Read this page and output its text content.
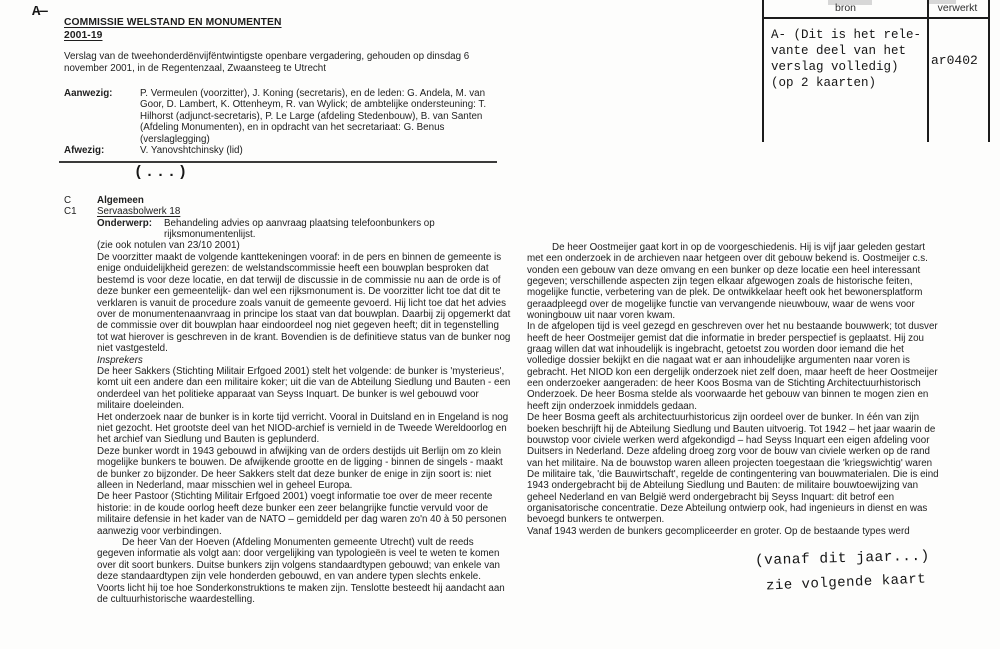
A—	bron	verwerkt
A- (Dit is het rele-
vante deel van het
verslag volledig)
(op 2 kaarten)
ar0402
COMMISSIE WELSTAND EN MONUMENTEN
2001-19

Verslag van de tweehonderdënvijfëntwintigste openbare vergadering, gehouden op dinsdag 6 november 2001, in de Regentenzaal, Zwaansteeg te Utrecht

Aanwezig:	P. Vermeulen (voorzitter), J. Koning (secretaris), en de leden: G. Andela, M. van Goor, D. Lambert, K. Ottenheym, R. van Wylick; de ambtelijke ondersteuning: T. Hilhorst (adjunct-secretaris), P. Le Large (afdeling Stedenbouw), B. van Santen (Afdeling Monumenten), en in opdracht van het secretariaat: G. Benus (verslaglegging)
Afwezig:	V. Yanovshtchinsky (lid)
(...)
C	Algemeen
C1	Servaasbolwerk 18
Onderwerp:	Behandeling advies op aanvraag plaatsing telefoonbunkers op rijksmonumentenlijst.
(zie ook notulen van 23/10 2001)

De voorzitter maakt de volgende kanttekeningen vooraf: in de pers en binnen de gemeente is enige onduidelijkheid gerezen: de welstandscommissie heeft een bouwplan besproken dat bestemd is voor deze locatie, en dat terwijl de discussie in de commissie nu aan de orde is of deze bunker een gemeentelijk- dan wel een rijksmonument is. De voorzitter licht toe dat dit te verklaren is vanuit de procedure zoals vanuit de gemeente gevoerd. Hij licht toe dat het advies over de monumentenaanvraag in principe los staat van dat bouwplan. Daarbij zij opgemerkt dat de commissie over dit bouwplan haar eindoordeel nog niet gegeven heeft; dit in tegenstelling tot wat hierover is geschreven in de krant. Bovendien is de definitieve status van de bunker nog niet vastgesteld.

Insprekers

De heer Sakkers (Stichting Militair Erfgoed 2001) stelt het volgende: de bunker is 'mysterieus', komt uit een andere dan een militaire koker; uit die van de Abteilung Siedlung und Bauten - een onderdeel van het politieke apparaat van Seyss Inquart. De bunker is wel gebouwd voor militaire doeleinden.

Het onderzoek naar de bunker is in korte tijd verricht. Vooral in Duitsland en in Engeland is nog niet gezocht. Het grootste deel van het NIOD-archief is vernield in de Tweede Wereldoorlog en het archief van Siedlung und Bauten is geplunderd.

Deze bunker wordt in 1943 gebouwd in afwijking van de orders destijds uit Berlijn om zo klein mogelijke bunkers te bouwen. De afwijkende grootte en de ligging - binnen de singels - maakt de bunker zo bijzonder. De heer Sakkers stelt dat deze bunker de enige in zijn soort is: niet alleen in Nederland, maar misschien wel in geheel Europa.

De heer Pastoor (Stichting Militair Erfgoed 2001) voegt informatie toe over de meer recente historie: in de koude oorlog heeft deze bunker een zeer belangrijke functie vervuld voor de militaire defensie in het kader van de NATO – gemiddeld per dag waren zo'n 40 à 50 personen aanwezig voor verbindingen.

De heer Van der Hoeven (Afdeling Monumenten gemeente Utrecht) vult de reeds gegeven informatie als volgt aan: door vergelijking van typologieën is veel te weten te komen over dit soort bunkers. Duitse bunkers zijn volgens standaardtypen gebouwd; van enkele van deze standaardtypen zijn vele honderden gebouwd, en van andere typen slechts enkele. Voorts licht hij toe hoe Sonderkonstruktions te maken zijn. Tenslotte besteedt hij aandacht aan de cultuurhistorische waardestelling.

De heer Oostmeijer gaat kort in op de voorgeschiedenis. Hij is vijf jaar geleden gestart met een onderzoek in de archieven naar hetgeen over dit gebouw bekend is. Oostmeijer c.s. vonden een gebouw van deze omvang en een bunker op deze locatie een heel interessant gegeven; verschillende aspecten zijn tegen elkaar afgewogen zoals de historische feiten, mogelijke functie, verbetering van de plek. De ontwikkelaar heeft ook het bewonersplatform geraadpleegd over de mogelijke functie van vervangende nieuwbouw, waar de wens voor woningbouw uit naar voren kwam.

In de afgelopen tijd is veel gezegd en geschreven over het nu bestaande bouwwerk; tot dusver heeft de heer Oostmeijer gemist dat die informatie in breder perspectief is geplaatst. Hij zou graag willen dat wat inhoudelijk is ingebracht, getoetst zou worden door iemand die het volledige dossier bekijkt en die nagaat wat er aan inhoudelijke argumenten naar voren is gebracht. Het NIOD kon een dergelijk onderzoek niet zelf doen, maar heeft de heer Oostmeijer een onderzoeker aangeraden: de heer Koos Bosma van de Stichting Architectuurhistorisch Onderzoek. De heer Bosma stelde als voorwaarde het gebouw van binnen te mogen zien en heeft zijn onderzoek inmiddels gedaan.

De heer Bosma geeft als architectuurhistoricus zijn oordeel over de bunker. In één van zijn boeken beschrijft hij de Abteilung Siedlung und Bauten uitvoerig. Tot 1942 – het jaar waarin de bouwstop voor civiele werken werd afgekondigd – had Seyss Inquart een eigen afdeling voor Duitsers in Nederland. Deze afdeling droeg zorg voor de bouw van civiele werken op de rand van het militaire. Na de bouwstop waren alleen projecten toegestaan die 'kriegswichtig' waren

De militaire tak, 'die Bauwirtschaft', regelde de contingentering van bouwmaterialen. Die is eind 1943 ondergebracht bij de Abteilung Siedlung und Bauten: de militaire bouwtoewijzing van geheel Nederland en van België werd ondergebracht bij Seyss Inquart: dit betrof een organisatorische concentratie. Deze Abteilung ontwierp ook, had ingenieurs in dienst en was bevoegd bunkers te ontwerpen.

Vanaf 1943 werden de bunkers gecompliceerder en groter. Op de bestaande types werd

(vanaf dit jaar...)
zie volgende kaart
